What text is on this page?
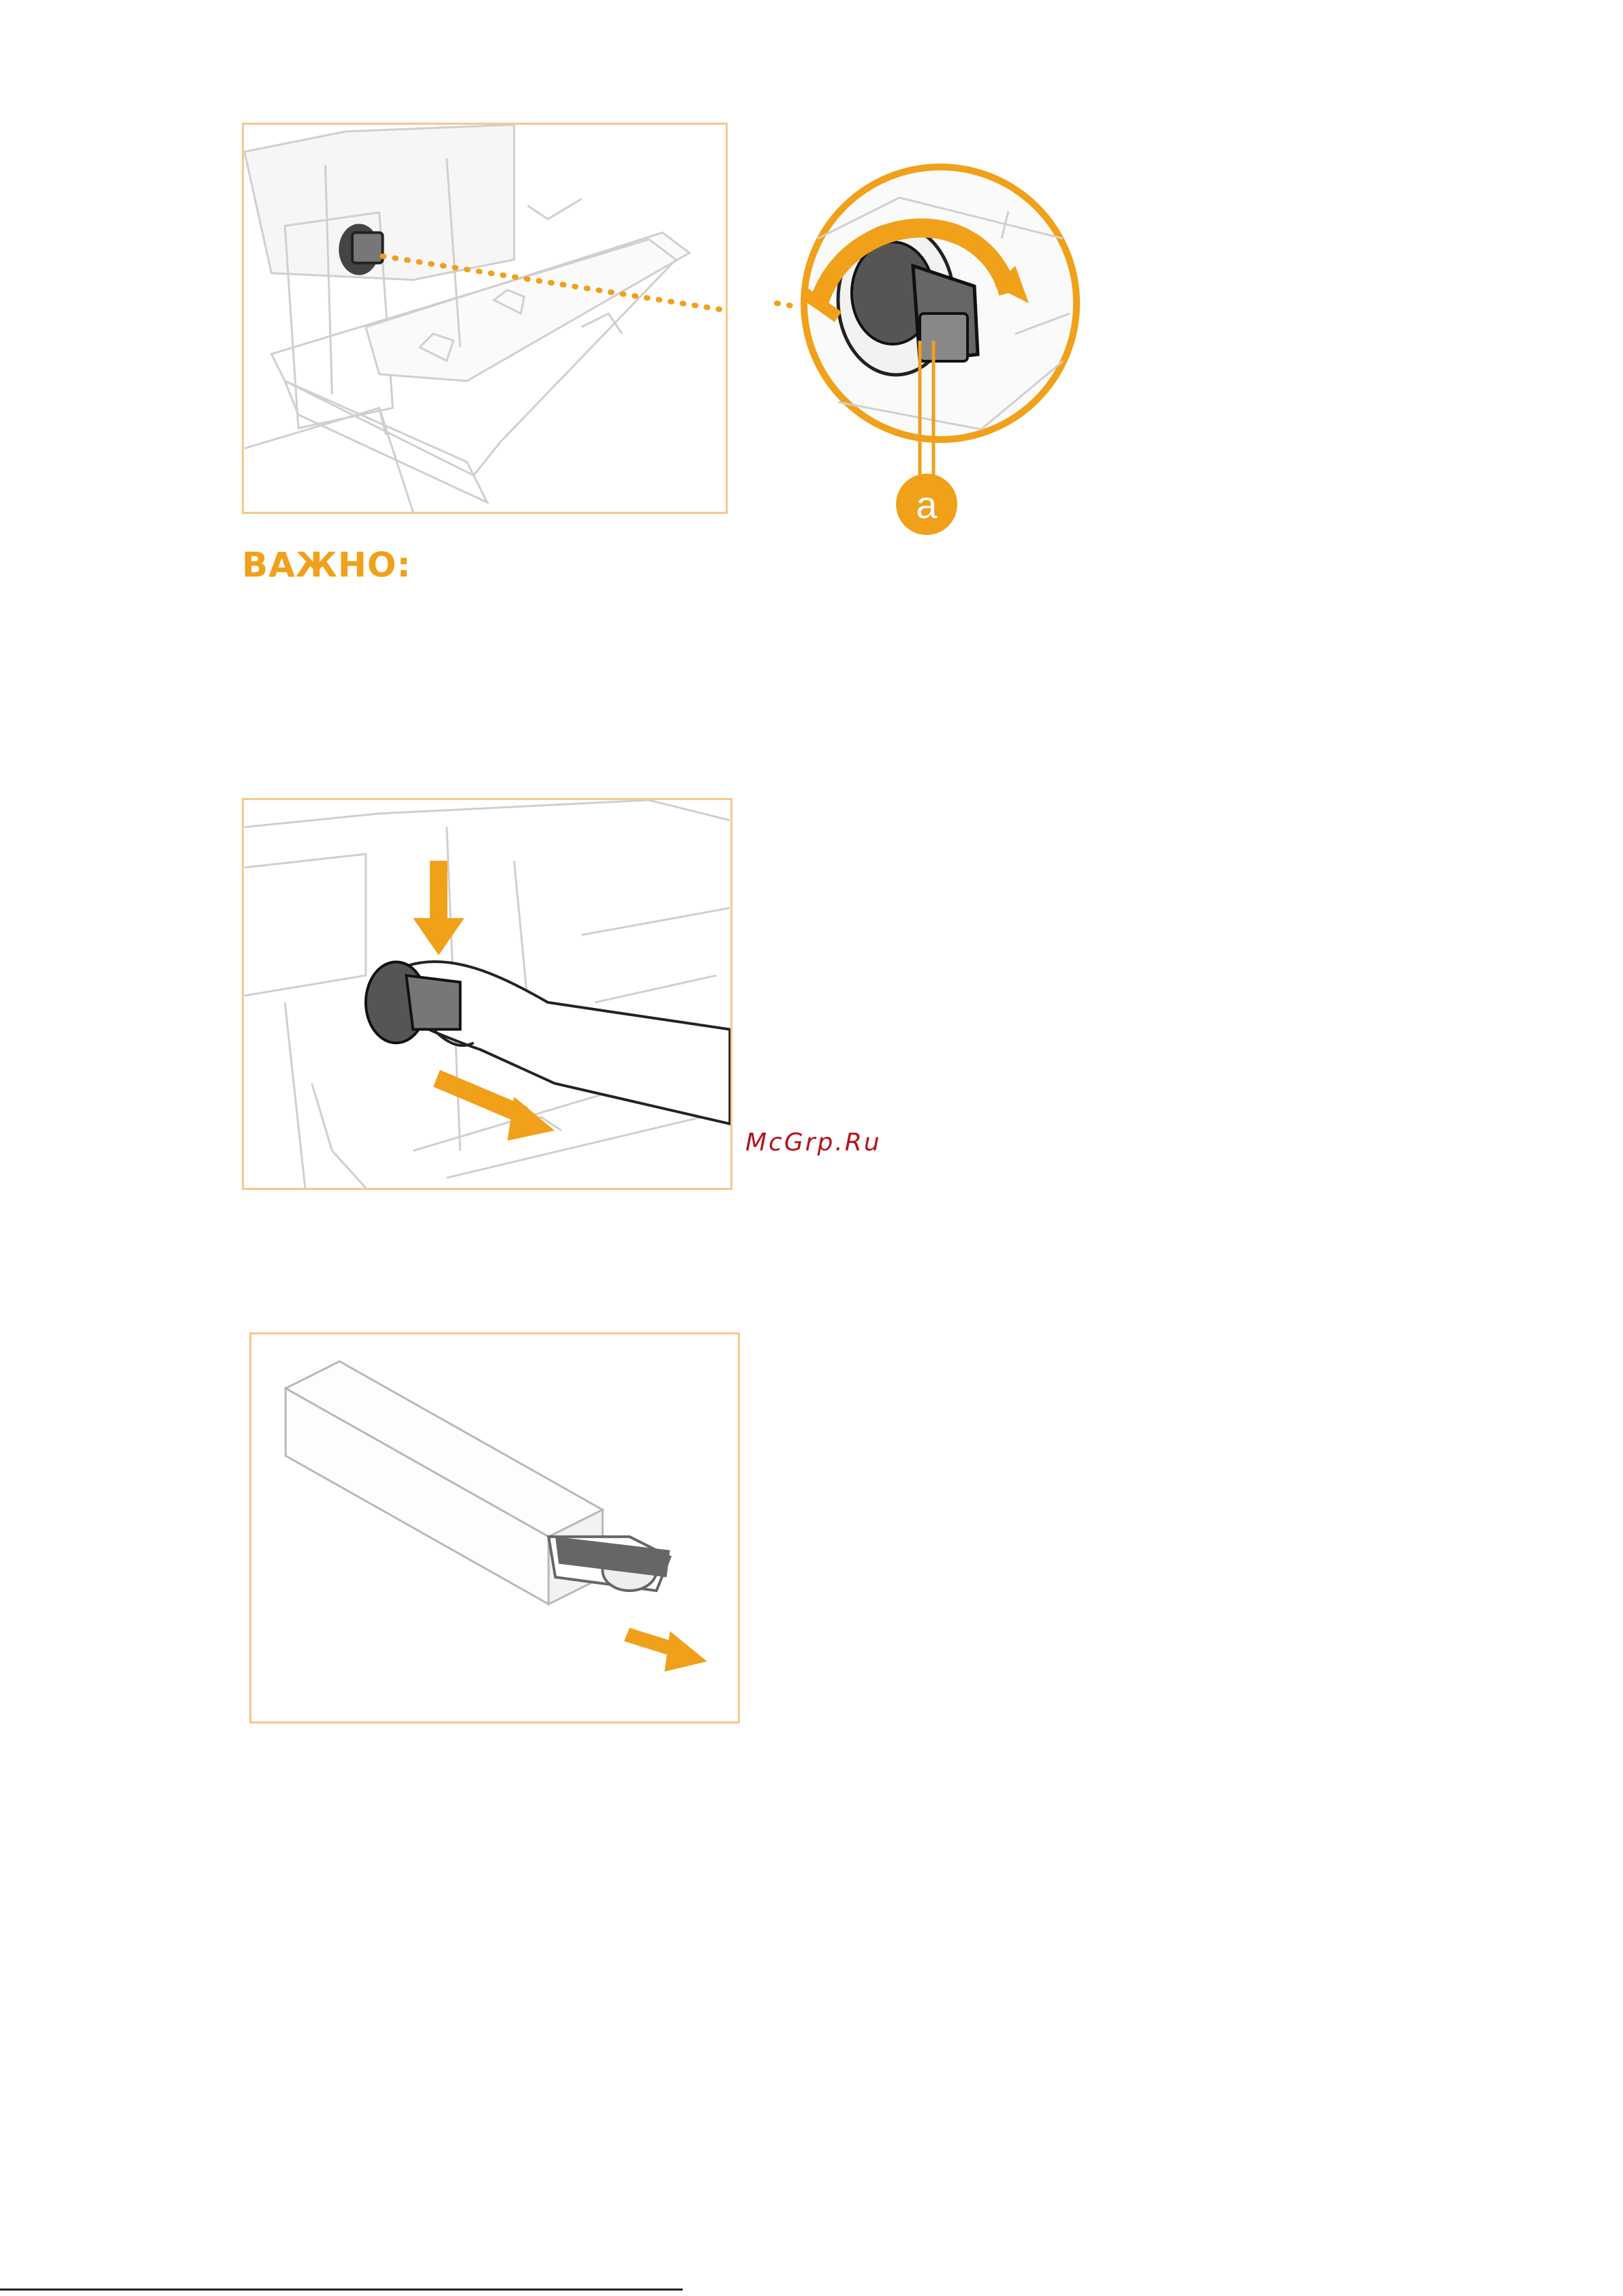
a
ВАЖНО:
McGrp.Ru
